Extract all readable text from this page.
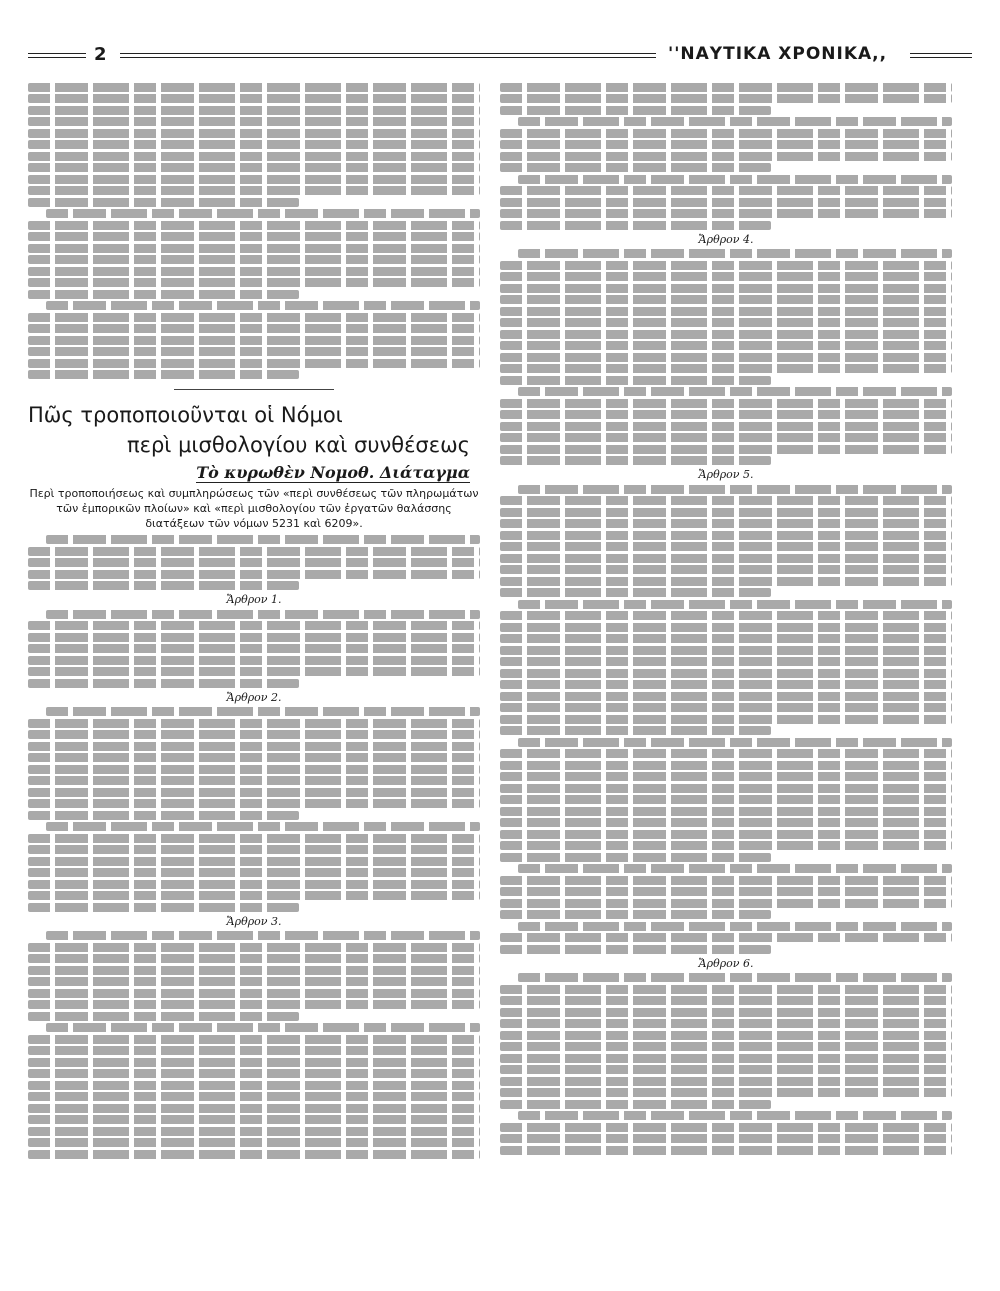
2	''ΝΑΥΤΙΚΑ ΧΡΟΝΙΚΑ,,
Πῶς τροποποιοῦνται οἱ Νόμοι
περὶ μισθολογίου καὶ συνθέσεως
Τὸ κυρωθὲν Νομοθ. Διάταγμα
Περὶ τροποποιήσεως καὶ συμπληρώσεως τῶν «περὶ συνθέσεως τῶν πληρωμάτων τῶν ἐμπορικῶν πλοίων» καὶ «περὶ μισθολογίου τῶν ἐργατῶν θαλάσσης διατάξεων τῶν νόμων 5231 καὶ 6209».
Ἄρθρον 1.
Ἄρθρον 2.
Ἄρθρον 3.
Ἄρθρον 4.
Ἄρθρον 5.
Ἄρθρον 6.
